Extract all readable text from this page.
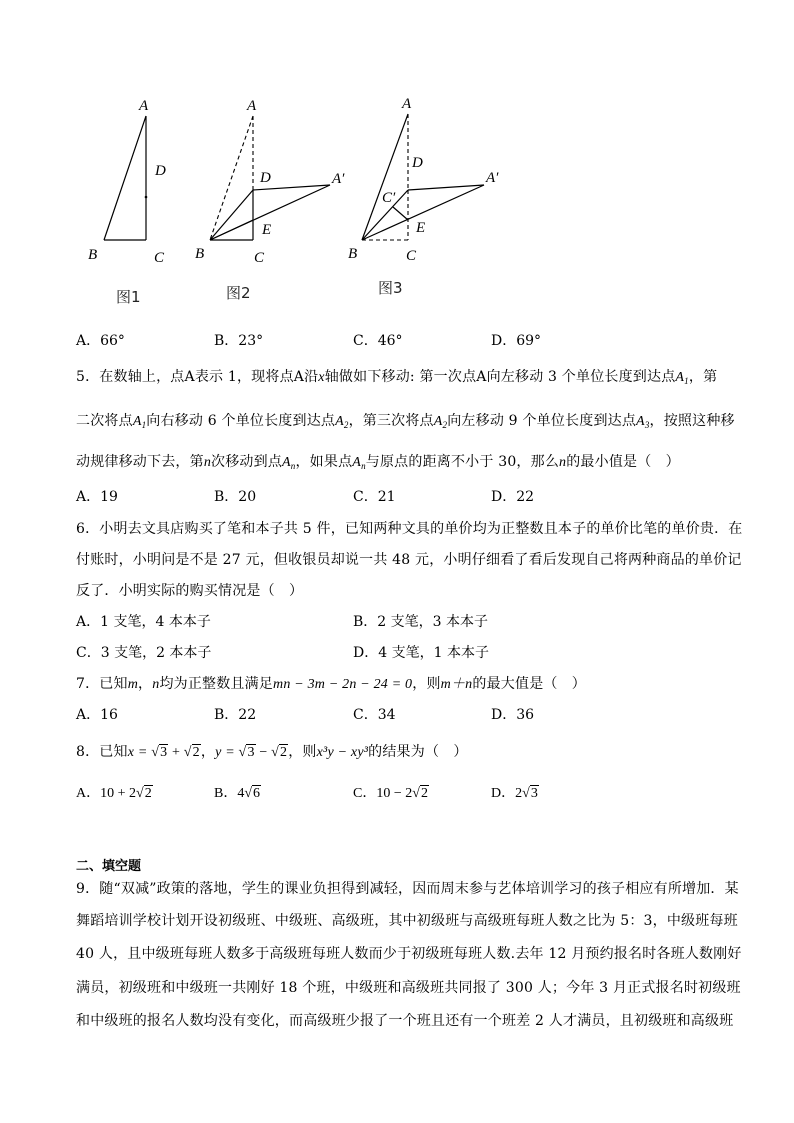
A
D
B	C
图1
A
D	A′
E
B	C
图2
A
D
C′
A′
E
B	C
图3
A．66°	B．23°	C．46°	D．69°
5．在数轴上，点A表示 1，现将点A沿x轴做如下移动: 第一次点A向左移动 3 个单位长度到达点$A_1$，第
二次将点$A_1$向右移动 6 个单位长度到达点$A_2$，第三次将点$A_2$向左移动 9 个单位长度到达点$A_3$，按照这种移
动规律移动下去，第n次移动到点$A_n$，如果点$A_n$与原点的距离不小于 30，那么n的最小值是（　）
A．19	B．20	C．21	D．22
6．小明去文具店购买了笔和本子共 5 件，已知两种文具的单价均为正整数且本子的单价比笔的单价贵．在
付账时，小明问是不是 27 元，但收银员却说一共 48 元，小明仔细看了看后发现自己将两种商品的单价记
反了．小明实际的购买情况是（　）
A．1 支笔，4 本本子	B．2 支笔，3 本本子
C．3 支笔，2 本本子	D．4 支笔，1 本本子
7．已知m，n均为正整数且满足mn − 3m − 2n − 24 = 0，则m＋n的最大值是（　）
A．16	B．22	C．34	D．36
8．已知x = √3 + √2，y = √3 − √2，则x³y − xy³的结果为（　）
A．10 + 2√2	B．4√6	C．10 − 2√2	D．2√3
二、填空题
9．随“双减”政策的落地，学生的课业负担得到减轻，因而周末参与艺体培训学习的孩子相应有所增加．某
舞蹈培训学校计划开设初级班、中级班、高级班，其中初级班与高级班每班人数之比为 5：3，中级班每班
40 人，且中级班每班人数多于高级班每班人数而少于初级班每班人数.去年 12 月预约报名时各班人数刚好
满员，初级班和中级班一共刚好 18 个班，中级班和高级班共同报了 300 人；今年 3 月正式报名时初级班
和中级班的报名人数均没有变化，而高级班少报了一个班且还有一个班差 2 人才满员，且初级班和高级班
